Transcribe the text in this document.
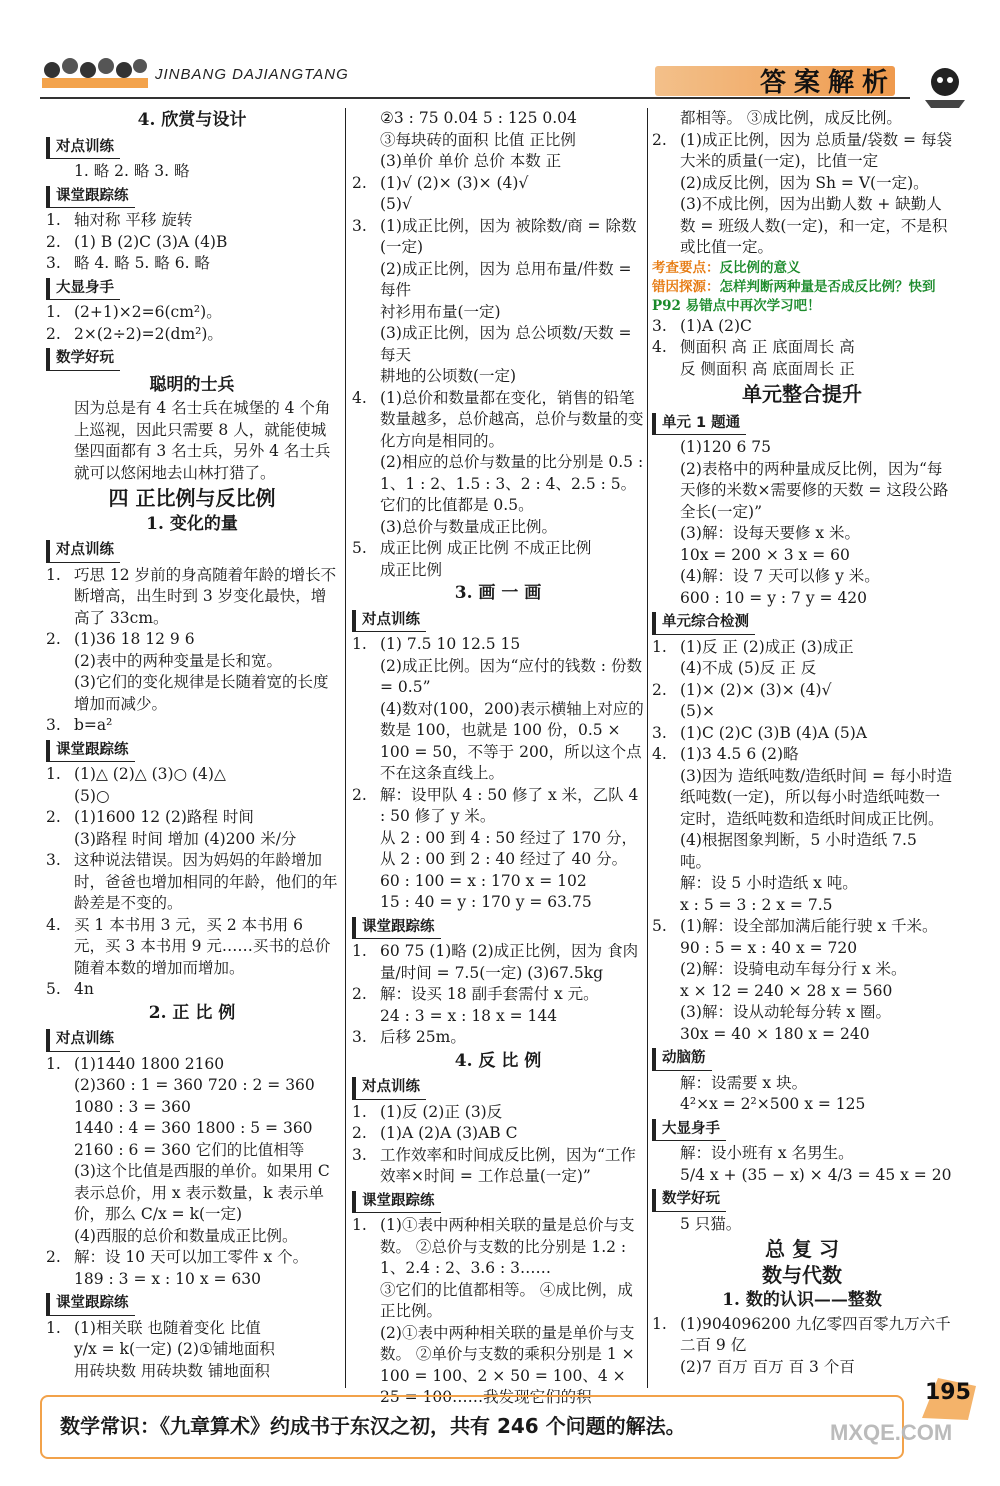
JINBANG DAJIANGTANG	答案解析
4. 欣赏与设计
对点训练
1. 略 2. 略 3. 略
课堂跟踪练
1. 轴对称 平移 旋转
2. (1) B (2)C (3)A (4)B
3. 略 4. 略 5. 略 6. 略
大显身手
1. (2+1)×2=6(cm²)。
2. 2×(2÷2)=2(dm²)。
数学好玩
聪明的士兵
因为总是有 4 名士兵在城堡的 4 个角上巡视，因此只需要 8 人，就能使城堡四面都有 3 名士兵，另外 4 名士兵就可以悠闲地去山林打猎了。
四 正比例与反比例
1. 变化的量
对点训练
1. 巧思 12 岁前的身高随着年龄的增长不断增高，出生时到 3 岁变化最快，增高了 33cm。
2. (1)36 18 12 9 6
(2)表中的两种变量是长和宽。
(3)它们的变化规律是长随着宽的长度增加而减少。
3. b=a²
课堂跟踪练
1. (1)△ (2)△ (3)○ (4)△
(5)○
2. (1)1600 12 (2)路程 时间
(3)路程 时间 增加 (4)200 米/分
3. 这种说法错误。因为妈妈的年龄增加时，爸爸也增加相同的年龄，他们的年龄差是不变的。
4. 买 1 本书用 3 元，买 2 本书用 6 元，买 3 本书用 9 元……买书的总价随着本数的增加而增加。
5. 4n
2. 正 比 例
对点训练
1. (1)1440 1800 2160
(2)360 : 1 = 360 720 : 2 = 360
1080 : 3 = 360
1440 : 4 = 360 1800 : 5 = 360
2160 : 6 = 360 它们的比值相等
(3)这个比值是西服的单价。如果用 C 表示总价，用 x 表示数量，k 表示单价，那么 C/x = k(一定)
(4)西服的总价和数量成正比例。
2. 解：设 10 天可以加工零件 x 个。
189 : 3 = x : 10 x = 630
课堂跟踪练
1. (1)相关联 也随着变化 比值
y/x = k(一定) (2)①铺地面积
用砖块数 用砖块数 铺地面积
②3 : 75 0.04 5 : 125 0.04
③每块砖的面积 比值 正比例
(3)单价 单价 总价 本数 正
2. (1)√ (2)× (3)× (4)√
(5)√
3. (1)成正比例，因为 被除数/商 = 除数
(一定)
(2)成正比例，因为 总用布量/件数 = 每件
衬衫用布量(一定)
(3)成正比例，因为 总公顷数/天数 = 每天
耕地的公顷数(一定)
4. (1)总价和数量都在变化，销售的铅笔数量越多，总价越高，总价与数量的变化方向是相同的。
(2)相应的总价与数量的比分别是 0.5 : 1、1 : 2、1.5 : 3、2 : 4、2.5 : 5。它们的比值都是 0.5。
(3)总价与数量成正比例。
5. 成正比例 成正比例 不成正比例
成正比例
3. 画 一 画
对点训练
1. (1) 7.5 10 12.5 15
(2)成正比例。因为“应付的钱数 : 份数 = 0.5”
(4)数对(100，200)表示横轴上对应的数是 100，也就是 100 份，0.5 × 100 = 50，不等于 200，所以这个点不在这条直线上。
2. 解：设甲队 4 : 50 修了 x 米，乙队 4 : 50 修了 y 米。
从 2 : 00 到 4 : 50 经过了 170 分，从 2 : 00 到 2 : 40 经过了 40 分。
60 : 100 = x : 170 x = 102
15 : 40 = y : 170 y = 63.75
课堂跟踪练
1. 60 75 (1)略 (2)成正比例，因为 食肉量/时间 = 7.5(一定) (3)67.5kg
2. 解：设买 18 副手套需付 x 元。
24 : 3 = x : 18 x = 144
3. 后移 25m。
4. 反 比 例
对点训练
1. (1)反 (2)正 (3)反
2. (1)A (2)A (3)AB C
3. 工作效率和时间成反比例，因为“工作效率×时间 = 工作总量(一定)”
课堂跟踪练
1. (1)①表中两种相关联的量是总价与支数。 ②总价与支数的比分别是 1.2 : 1、2.4 : 2、3.6 : 3……
③它们的比值都相等。 ④成比例，成正比例。
(2)①表中两种相关联的量是单价与支数。 ②单价与支数的乘积分别是 1 × 100 = 100、2 × 50 = 100、4 × 25 = 100……我发现它们的积
都相等。 ③成比例，成反比例。
2. (1)成正比例，因为 总质量/袋数 = 每袋大米的质量(一定)，比值一定
(2)成反比例，因为 Sh = V(一定)。
(3)不成比例，因为出勤人数 + 缺勤人数 = 班级人数(一定)，和一定，不是积或比值一定。
考查要点：反比例的意义
错因探源：怎样判断两种量是否成反比例？快到 P92 易错点中再次学习吧！
3. (1)A (2)C
4. 侧面积 高 正 底面周长 高
反 侧面积 高 底面周长 正
单元整合提升
单元 1 题通
(1)120 6 75
(2)表格中的两种量成反比例，因为“每天修的米数×需要修的天数 = 这段公路全长(一定)”
(3)解：设每天要修 x 米。
10x = 200 × 3 x = 60
(4)解：设 7 天可以修 y 米。
600 : 10 = y : 7 y = 420
单元综合检测
1. (1)反 正 (2)成正 (3)成正
(4)不成 (5)反 正 反
2. (1)× (2)× (3)× (4)√
(5)×
3. (1)C (2)C (3)B (4)A (5)A
4. (1)3 4.5 6 (2)略
(3)因为 造纸吨数/造纸时间 = 每小时造纸吨数(一定)，所以每小时造纸吨数一定时，造纸吨数和造纸时间成正比例。
(4)根据图象判断，5 小时造纸 7.5 吨。
解：设 5 小时造纸 x 吨。
x : 5 = 3 : 2 x = 7.5
5. (1)解：设全部加满后能行驶 x 千米。
90 : 5 = x : 40 x = 720
(2)解：设骑电动车每分行 x 米。
x × 12 = 240 × 28 x = 560
(3)解：设从动轮每分转 x 圈。
30x = 40 × 180 x = 240
动脑筋
解：设需要 x 块。
4²×x = 2²×500 x = 125
大显身手
解：设小班有 x 名男生。
5/4 x + (35 − x) × 4/3 = 45 x = 20
数学好玩
5 只猫。
总 复 习
数与代数
1. 数的认识——整数
1. (1)904096200 九亿零四百零九万六千二百 9 亿
(2)7 百万 百万 百 3 个百
数学常识：《九章算术》约成书于东汉之初，共有 246 个问题的解法。
195
MXQE.COM
